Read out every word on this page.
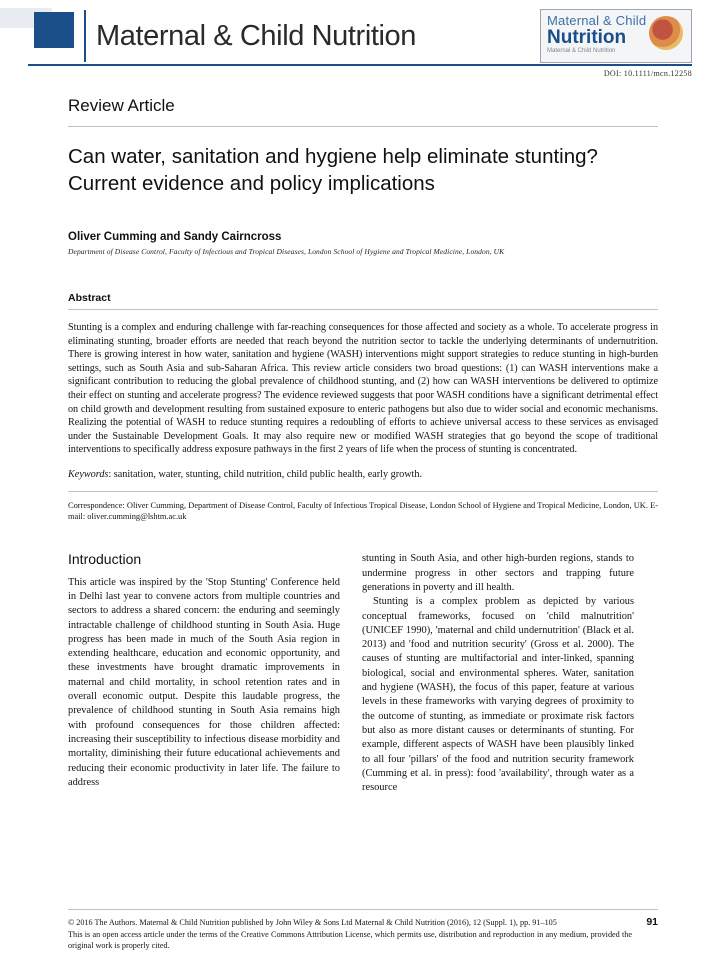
Maternal & Child Nutrition	Maternal & Child
Nutrition
Maternal & Child Nutrition
DOI: 10.1111/mcn.12258
Review Article
Can water, sanitation and hygiene help eliminate stunting? Current evidence and policy implications
Oliver Cumming and Sandy Cairncross
Department of Disease Control, Faculty of Infectious and Tropical Diseases, London School of Hygiene and Tropical Medicine, London, UK
Abstract
Stunting is a complex and enduring challenge with far-reaching consequences for those affected and society as a whole. To accelerate progress in eliminating stunting, broader efforts are needed that reach beyond the nutrition sector to tackle the underlying determinants of undernutrition. There is growing interest in how water, sanitation and hygiene (WASH) interventions might support strategies to reduce stunting in high-burden settings, such as South Asia and sub-Saharan Africa. This review article considers two broad questions: (1) can WASH interventions make a significant contribution to reducing the global prevalence of childhood stunting, and (2) how can WASH interventions be delivered to optimize their effect on stunting and accelerate progress? The evidence reviewed suggests that poor WASH conditions have a significant detrimental effect on child growth and development resulting from sustained exposure to enteric pathogens but also due to wider social and economic mechanisms. Realizing the potential of WASH to reduce stunting requires a redoubling of efforts to achieve universal access to these services as envisaged under the Sustainable Development Goals. It may also require new or modified WASH strategies that go beyond the scope of traditional interventions to specifically address exposure pathways in the first 2 years of life when the process of stunting is concentrated.
Keywords: sanitation, water, stunting, child nutrition, child public health, early growth.
Correspondence: Oliver Cumming, Department of Disease Control, Faculty of Infectious Tropical Disease, London School of Hygiene and Tropical Medicine, London, UK. E-mail: oliver.cumming@lshtm.ac.uk
Introduction

This article was inspired by the 'Stop Stunting' Conference held in Delhi last year to convene actors from multiple countries and sectors to address a shared concern: the enduring and seemingly intractable challenge of childhood stunting in South Asia. Huge progress has been made in much of the South Asia region in extending healthcare, education and economic opportunity, and these investments have brought dramatic improvements in maternal and child mortality, in school retention rates and in overall economic output. Despite this laudable progress, the prevalence of childhood stunting in South Asia remains high with profound consequences for those children affected: increasing their susceptibility to infectious disease morbidity and mortality, diminishing their future educational achievements and reducing their economic productivity in later life. The failure to address

stunting in South Asia, and other high-burden regions, stands to undermine progress in other sectors and trapping future generations in poverty and ill health.

Stunting is a complex problem as depicted by various conceptual frameworks, focused on 'child malnutrition' (UNICEF 1990), 'maternal and child undernutrition' (Black et al. 2013) and 'food and nutrition security' (Gross et al. 2000). The causes of stunting are multifactorial and inter-linked, spanning biological, social and environmental spheres. Water, sanitation and hygiene (WASH), the focus of this paper, feature at various levels in these frameworks with varying degrees of proximity to the outcome of stunting, as immediate or proximate risk factors but also as more distant causes or determinants of stunting. For example, different aspects of WASH have been plausibly linked to all four 'pillars' of the food and nutrition security framework (Cumming et al. in press): food 'availability', through water as a resource

91
© 2016 The Authors. Maternal & Child Nutrition published by John Wiley & Sons Ltd Maternal & Child Nutrition (2016), 12 (Suppl. 1), pp. 91–105
This is an open access article under the terms of the Creative Commons Attribution License, which permits use, distribution and reproduction in any medium, provided the original work is properly cited.
